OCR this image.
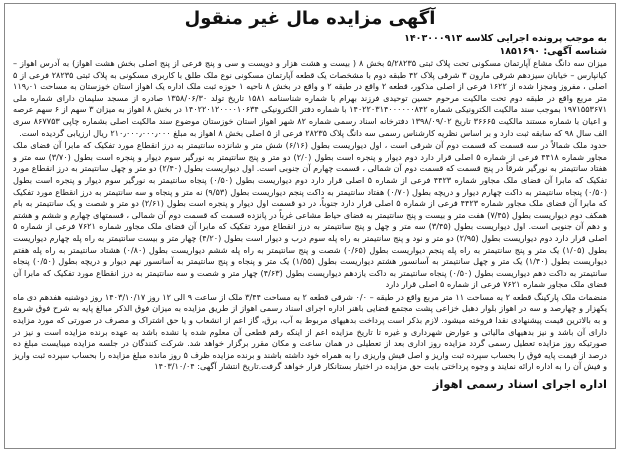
آگهی مزایده مال غیر منقول
به موجب پرونده اجرایی کلاسه ۱۴۰۳۰۰۰۹۱۳
شناسه آگهی: ۱۸۵۱۶۹۰

میزان سه دانگ مشاع آپارتمان مسکونی تحت پلاک ثبتی ۵/۲۸۲۳۵ بخش ۸ ( بیست و هشت هزار و دویست و سی و پنج فرعی از پنج اصلی بخش هشت اهواز) به آدرس اهواز – کیانپارس – خیابان سیزدهم شرقی مارون ۳ شرقی پلاک ۴۲ طبقه دوم با مشخصات یک قطعه آپارتمان مسکونی نوع ملک طلق با کاربری مسکونی به پلاک ثبتی ۲۸۲۳۵ فرعی از ۵ اصلی ، مفروز ومجزا شده از ۱۶۲۲ فرعی از اصلی مذکور، قطعه ۲ واقع در طبقه ۲ و واقع در بخش ۸ ناحیه ۱ حوزه ثبت ملک اداره یک اهواز استان خوزستان به مساحت ۱۱۹٫۰۱ متر مربع واقع در طبقه دوم تحت مالکیت مرحوم حسین توحیدی فرزند بهرام با شماره شناسنامه ۱۵۸۱ تاریخ تولد ۱۳۵۸/۰۶/۳۰ صادره از مسجد سلیمان دارای شماره ملی ۱۹۷۱۵۵۳۶۷۱ بموجب سند مالکیت الکترونیکی شماره ۱۴۰۲۲۰۳۱۴۰۰۰۰۰۰۸۴۲ با شماره دفتر الکترونیکی ۱۴۰۲۲۰۱۲۰۰۰۰۱۰۶۳۴ در بخش ۸ اهواز به میزان ۳ سهم از ۶ سهم عرصه و اعیان با شماره مستند مالکیت ۳۶۶۶۵ تاریخ ۱۳۹۸/۰۹/۰۲ دفترخانه اسناد رسمی شماره ۸۲ شهر اهواز استان خوزستان موضوع سند مالکیت اصلی بشماره چاپی ۸۶۷۷۵۳ سری الف سال ۹۸ که سابقه ثبت دارد و بر اساس نظریه کارشناس رسمی سه دانگ پلاک ۲۸۲۳۵ فرعی از ۵ اصلی بخش ۸ اهواز به مبلغ ۲۱۰٫۰۰۰٫۰۰۰٫۰۰۰ ریال ارزیابی گردیده است.

حدود ملک شمالاً در سه قسمت که قسمت دوم آن شرقی است ، اول دیواریست بطول (۶/۱۶) شش متر و شانزده سانتیمتر به درز انقطاع مورد تفکیک که مابرا آن فضای ملک مجاور شماره ۴۴۱۸ فرعی از شماره ۵ اصلی قرار دارد دوم دیوار و پنجره است بطول (۲/۰) دو متر و پنج سانتیمتر به نورگیر سوم دیوار و پنجره است بطول (۳/۷۰) سه متر و هفتاد سانتیمتر به نورگیر شرقاً در پنج قسمت که قسمت دوم آن شمالی ، قسمت چهارم آن جنوبی است. اول دیواریست بطول (۲/۴۰) دو متر و چهل سانتیمتر به درز انقطاع مورد تفکیک که مابرا آن فضای ملک مجاور شماره ۴۴۲۳ فرعی از شماره ۵ اصلی قرار دارد دوم دیواریست بطول (۰/۵۰) پنجاه سانتیمتر به نورگیر سوم دیوار و پنجره است بطول (۰/۵۰) پنجاه سانتیمتر به داکت چهارم دیوار و دریچه بطول (۰/۷۰) هفتاد سانتیمتر به داکت پنجم دیواریست بطول (۹/۵۳) نه متر و پنجاه و سه سانتیمتر به درز انقطاع مورد تفکیک که مابرا آن فضای ملک مجاور شماره ۴۴۲۳ فرعی از شماره ۵ اصلی قرار دارد جنوباً، در دو قسمت اول دیوار و پنجره است بطول (۲/۶۱) دو متر و شصت و یک سانتیمتر به بام همکف دوم دیواریست بطول (۷/۴۵) هفت متر و بیست و پنج سانتیمتر به فضای حیاط مشاعی غرباً در پانزده قسمت که قسمت دوم آن شمالی ، قسمتهای چهارم و ششم و هشتم و دهم آن جنوبی است. اول دیواریست بطول (۳/۴۵) سه متر و چهل و پنج سانتیمتر به درز انقطاع مورد تفکیک که مابرا آن فضای ملک مجاور شماره ۷۶۲۱ فرعی از شماره ۵ اصلی قرار دارد دوم دیواریست بطول (۲/۹۵) دو متر و نود و پنج سانتیمتر به راه پله سوم درب و دیوار است بطول (۴/۲۰) چهار متر و بیست سانتیمتر به راه پله چهارم دیواریست بطول (۱/۰۵) یک متر و پنج سانتیمتر به راه پله پنجم دیواریست بطول (۰/۶۵) شصت و پنج سانتیمتر به راه پله ششم دیواریست بطول (۰/۸۰) هشتاد سانتیمتر به راه پله هفتم دیواریست بطول (۱/۴۰) یک متر و چهل سانتیمتر به آسانسور هشتم دیواریست بطول (۱/۵۵) یک متر و پنجاه و پنج سانتیمتر به آسانسور نهم دیوار و دریچه بطول (۰/۵۰) پنجاه سانتیمتر به داکت دهم دیواریست بطول (۰/۵۰) پنجاه سانتیمتر به داکت یازدهم دیواریست بطول (۴/۶۳) چهار متر و شصت و سه سانتیمتر به درز انقطاع مورد تفکیک که مابرا آن فضای ملک مجاور شماره ۷۶۲۱ فرعی از شماره ۵ اصلی قرار دارد

منضمات ملک پارکینگ قطعه ۲ به مساحت ۱۱ متر مربع واقع در طبقه – ۰/۰ شرقی قطعه ۲ به مساحت ۳/۴۴ ملک از ساعت ۹ الی ۱۲ روز ۱۴۰۳/۱۰/۱۷ روز دوشنبه هفدهم دی ماه یکهزار و چهارصد و سه در اهواز بلوار دهبل خزاعی پشت مجتمع قضایی باهنر اداره اجرای اسناد رسمی اهواز از طریق مزایده به میزان فوق الذکر مبالغ پایه به شرح فوق شروع و به بالاترین قیمت پیشنهادی نقدا فروخته میشود. لازم بذکر است پرداخت بدهیهای مربوط به آب، برق، گاز اعم از انشعاب و یا حق اشتراک و مصرف در صورتی که مورد مزایده دارای آن باشد و نیز بدهیهای مالیاتی و عوارض شهرداری و غیره تا تاریخ مزایده اعم از اینکه رقم قطعی آن معلوم شده یا نشده باشد به عهده برنده مزایده است و نیز در صورتیکه روز مزایده تعطیل رسمی گردد مزایده روز اداری بعد از تعطیلی در همان ساعت و مکان مقرر برگزار خواهد شد. شرکت کنندگان در جلسه مزایده میبایست مبلغ ده درصد از قیمت پایه فوق را بحساب سپرده ثبت واریز و اصل فیش واریزی را به همراه خود داشته باشند و برنده مزایده ظرف ۵ روز مانده مبلغ مزایده را بحساب سپرده ثبت واریز و فیش آن را به اداره ارائه نمایند و وجوه پرداختی بابت حق مزایده در اختیار بستانکار قرار خواهد گرفت.تاریخ انتشار آگهی: ۱۴۰۳/۱۰/۰۴

اداره اجرای اسناد رسمی اهواز
